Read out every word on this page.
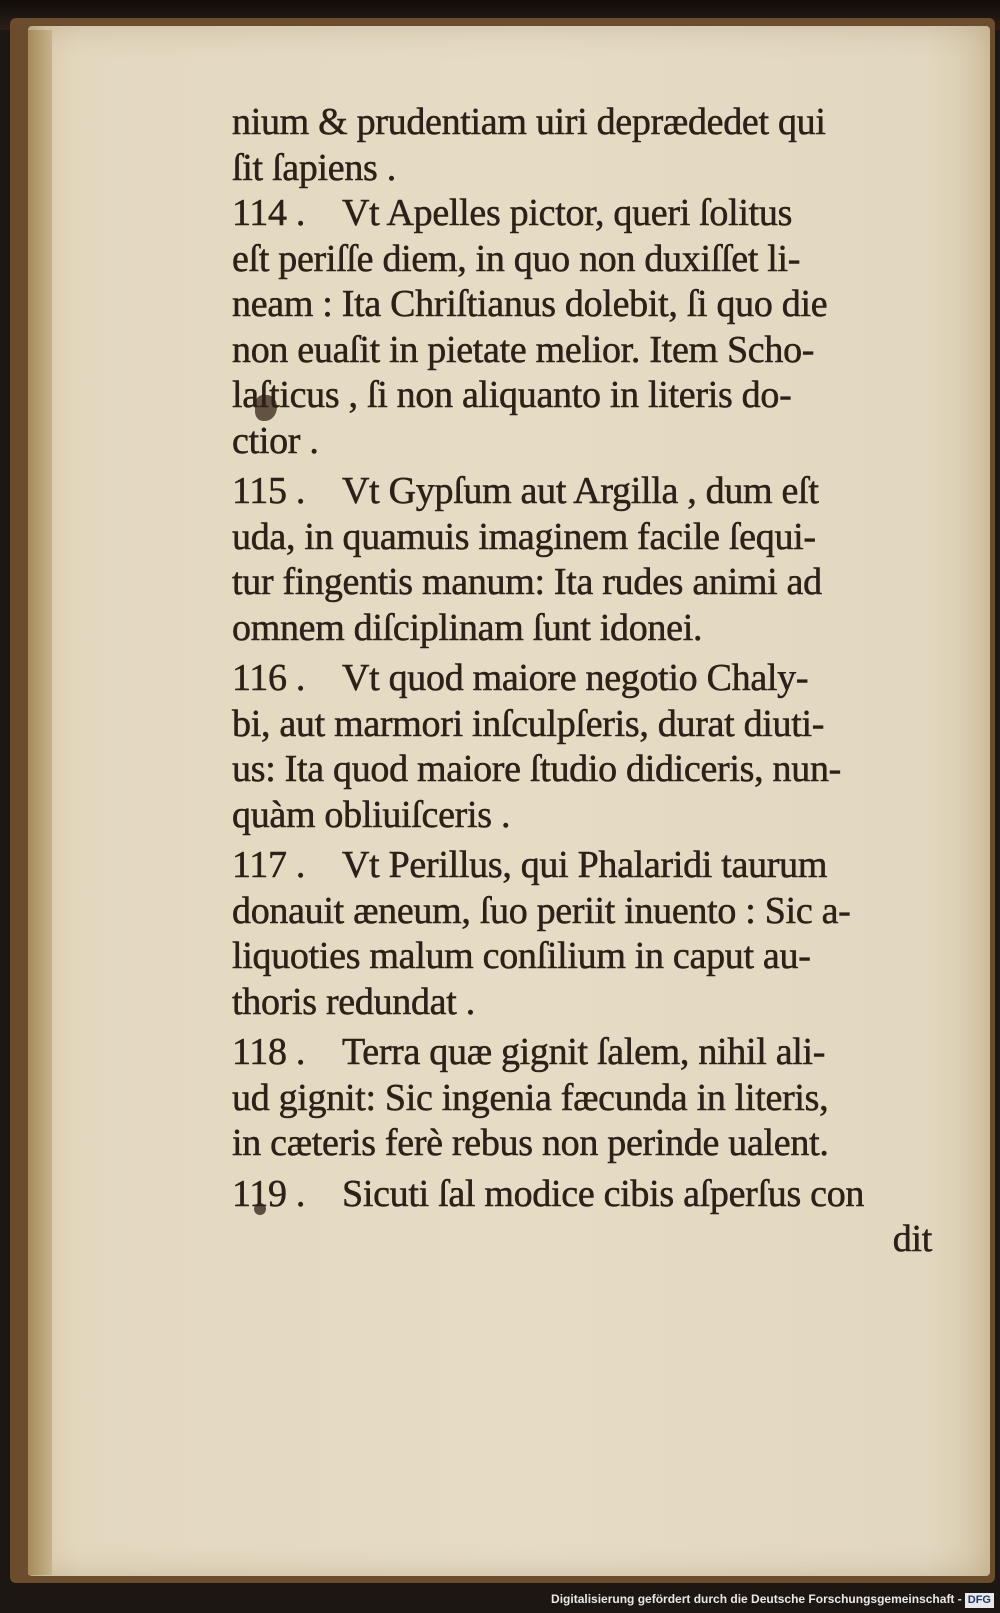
nium & prudentiam uiri deprædedet qui
ſit ſapiens .
114 . Vt Apelles pictor, queri ſolitus
eſt periſſe diem, in quo non duxiſſet li-
neam : Ita Chriſtianus dolebit, ſi quo die
non euaſit in pietate melior. Item Scho-
laſticus , ſi non aliquanto in literis do-
ctior .
115 . Vt Gypſum aut Argilla , dum eſt
uda, in quamuis imaginem facile ſequi-
tur fingentis manum: Ita rudes animi ad
omnem diſciplinam ſunt idonei.
116 . Vt quod maiore negotio Chaly-
bi, aut marmori inſculpſeris, durat diuti-
us: Ita quod maiore ſtudio didiceris, nun-
quàm obliuiſceris .
117 . Vt Perillus, qui Phalaridi taurum
donauit æneum, ſuo periit inuento : Sic a-
liquoties malum conſilium in caput au-
thoris redundat .
118 . Terra quæ gignit ſalem, nihil ali-
ud gignit: Sic ingenia fæcunda in literis,
in cæteris ferè rebus non perinde ualent.
119 . Sicuti ſal modice cibis aſperſus con
dit
Digitalisierung gefördert durch die Deutsche Forschungsgemeinschaft - DFG
